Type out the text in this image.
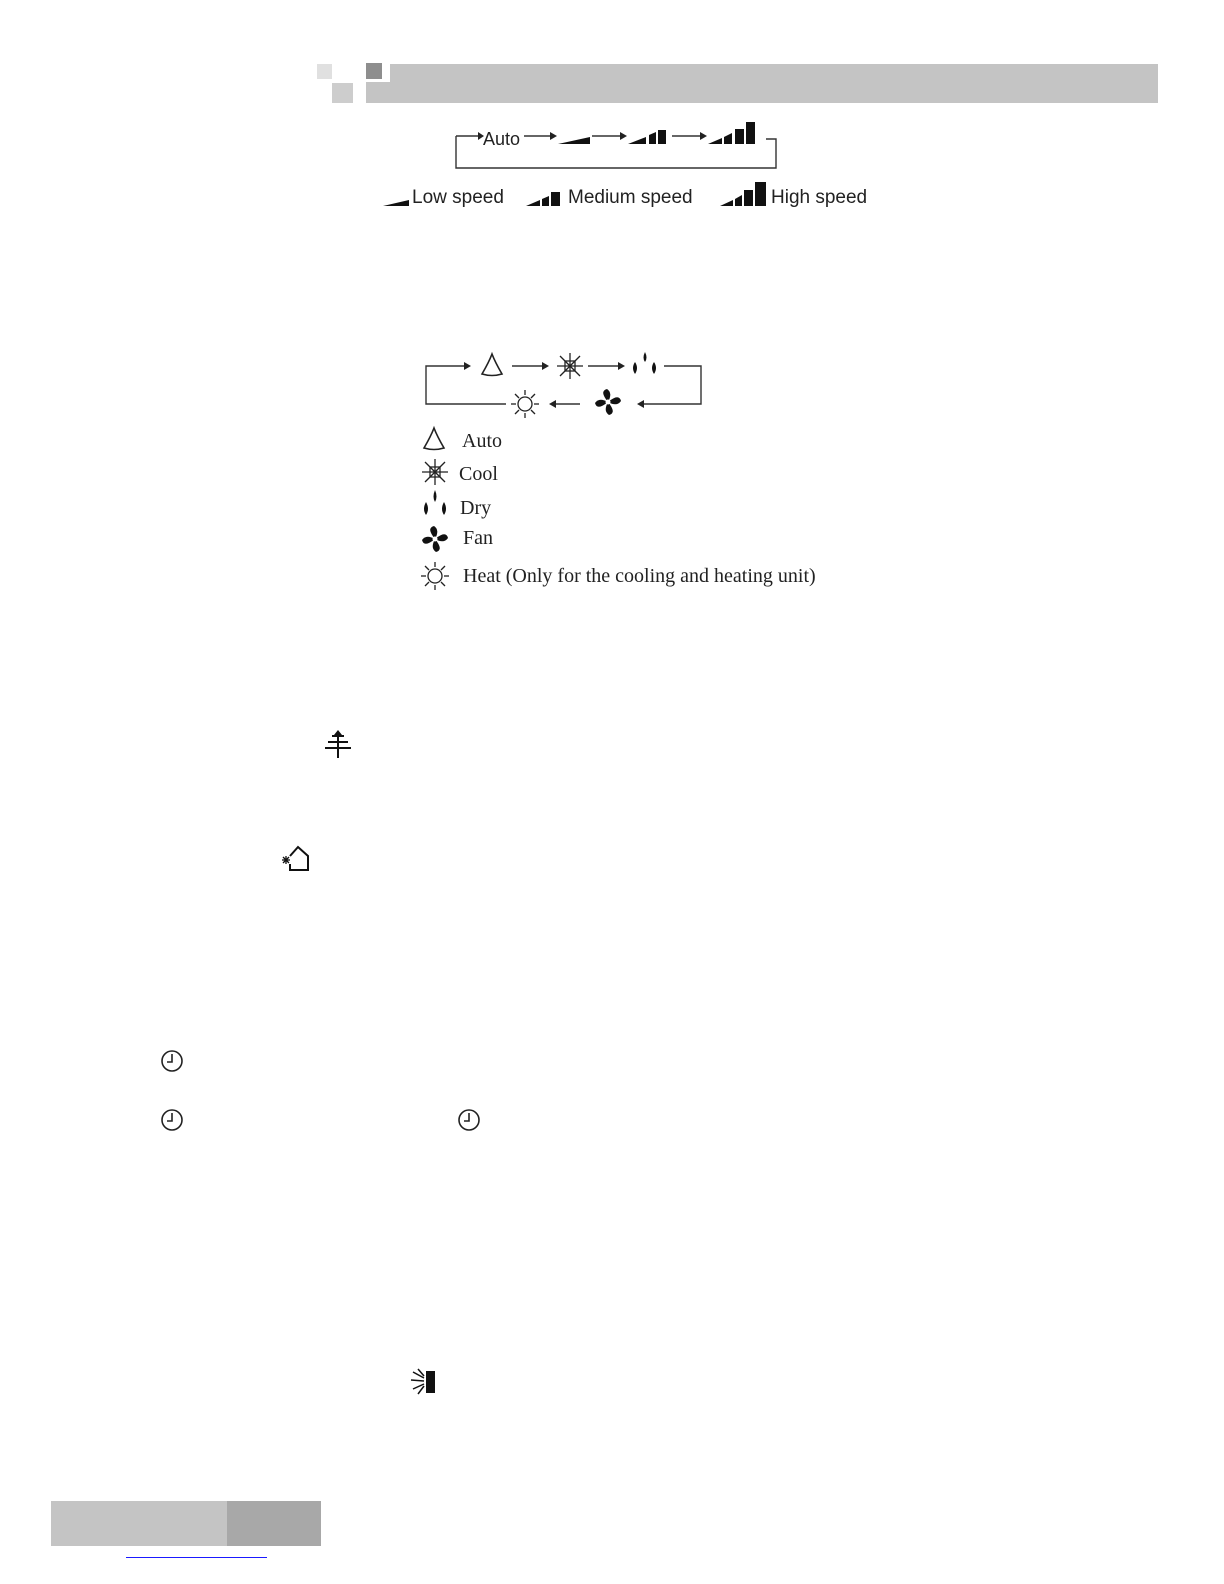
Auto
Low speed	Medium speed	High speed
Auto
Cool
Dry
Fan
Heat (Only for the cooling and heating unit)
